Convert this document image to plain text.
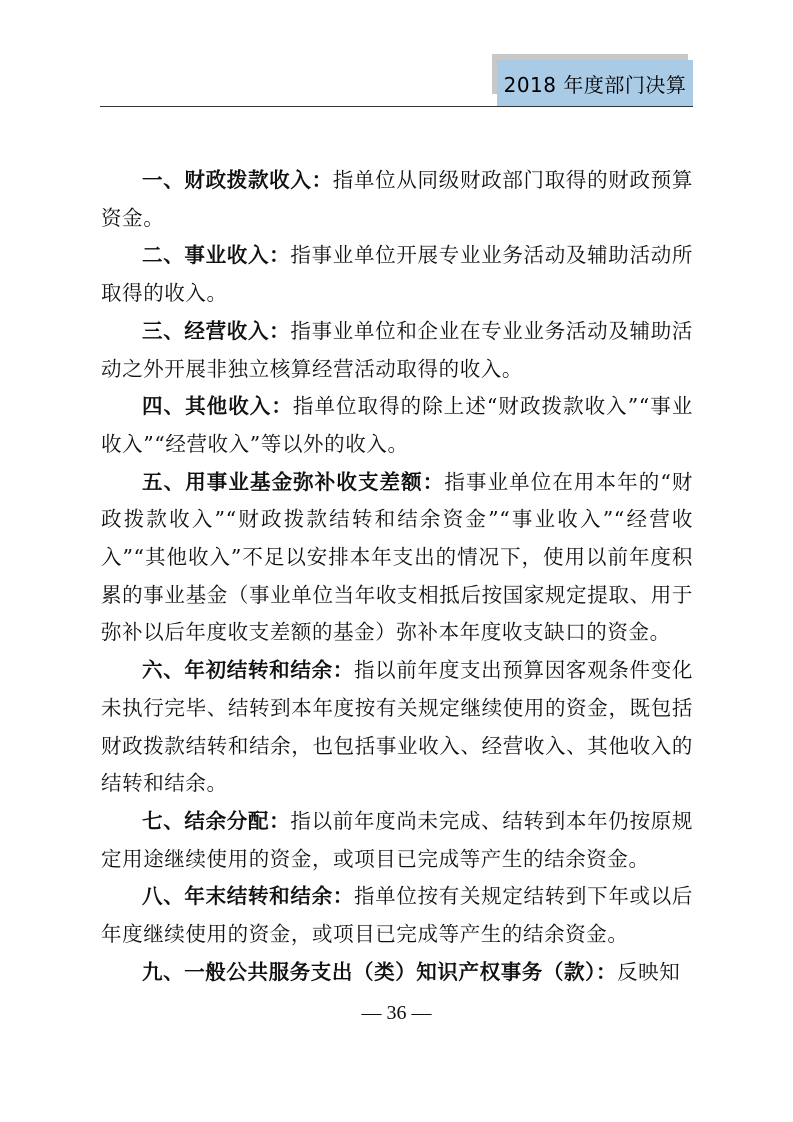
2018 年度部门决算

一、财政拨款收入：指单位从同级财政部门取得的财政预算资金。

二、事业收入：指事业单位开展专业业务活动及辅助活动所取得的收入。

三、经营收入：指事业单位和企业在专业业务活动及辅助活动之外开展非独立核算经营活动取得的收入。

四、其他收入：指单位取得的除上述“财政拨款收入”“事业收入”“经营收入”等以外的收入。

五、用事业基金弥补收支差额：指事业单位在用本年的“财政拨款收入”“财政拨款结转和结余资金”“事业收入”“经营收入”“其他收入”不足以安排本年支出的情况下，使用以前年度积累的事业基金（事业单位当年收支相抵后按国家规定提取、用于弥补以后年度收支差额的基金）弥补本年度收支缺口的资金。

六、年初结转和结余：指以前年度支出预算因客观条件变化未执行完毕、结转到本年度按有关规定继续使用的资金，既包括财政拨款结转和结余，也包括事业收入、经营收入、其他收入的结转和结余。

七、结余分配：指以前年度尚未完成、结转到本年仍按原规定用途继续使用的资金，或项目已完成等产生的结余资金。

八、年末结转和结余：指单位按有关规定结转到下年或以后年度继续使用的资金，或项目已完成等产生的结余资金。

九、一般公共服务支出（类）知识产权事务（款）：反映知

— 36 —
